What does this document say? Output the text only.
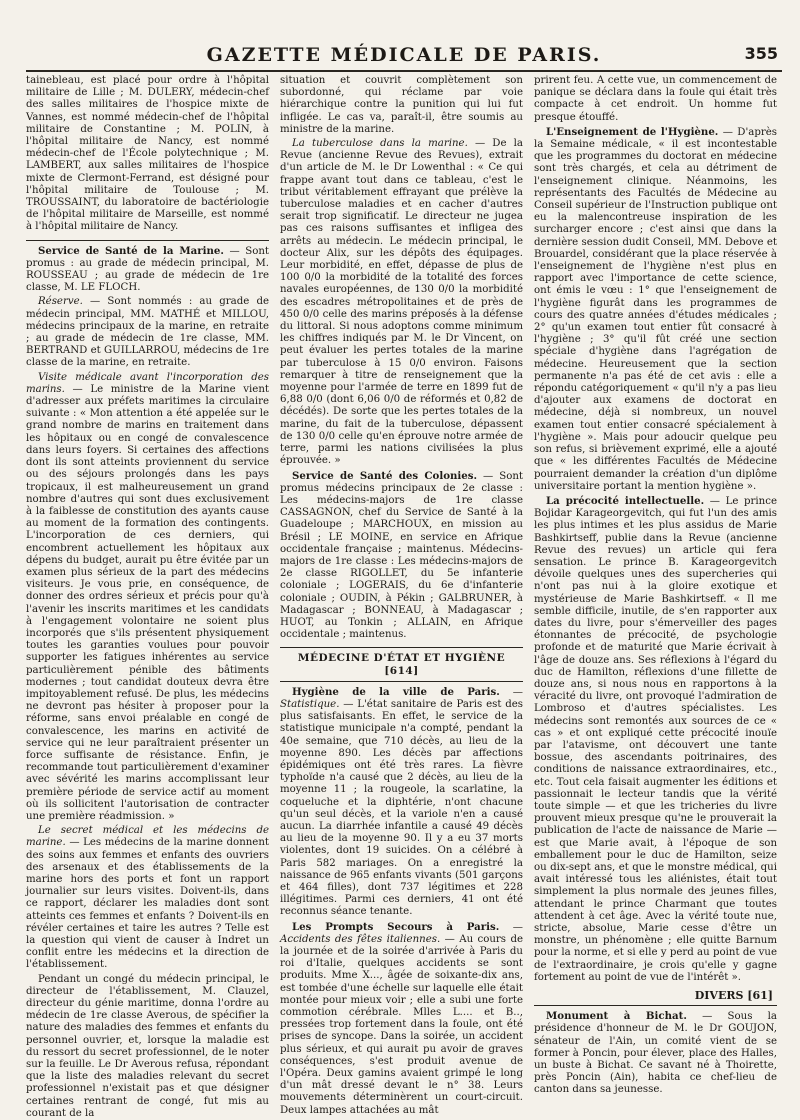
GAZETTE MÉDICALE DE PARIS.	355

tainebleau, est placé pour ordre à l'hôpital militaire de Lille ; M. DULERY, médecin-chef des salles militaires de l'hospice mixte de Vannes, est nommé médecin-chef de l'hôpital militaire de Constantine ; M. POLIN, à l'hôpital militaire de Nancy, est nommé médecin-chef de l'École polytechnique ; M. LAMBERT, aux salles militaires de l'hospice mixte de Clermont-Ferrand, est désigné pour l'hôpital militaire de Toulouse ; M. TROUSSAINT, du laboratoire de bactériologie de l'hôpital militaire de Marseille, est nommé à l'hôpital militaire de Nancy.

Service de Santé de la Marine. — Sont promus : au grade de médecin principal, M. ROUSSEAU ; au grade de médecin de 1re classe, M. LE FLOCH.

Réserve. — Sont nommés : au grade de médecin principal, MM. MATHÉ et MILLOU, médecins principaux de la marine, en retraite ; au grade de médecin de 1re classe, MM. BERTRAND et GUILLARROU, médecins de 1re classe de la marine, en retraite.

Visite médicale avant l'incorporation des marins. — Le ministre de la Marine vient d'adresser aux préfets maritimes la circulaire suivante : « Mon attention a été appelée sur le grand nombre de marins en traitement dans les hôpitaux ou en congé de convalescence dans leurs foyers. Si certaines des affections dont ils sont atteints proviennent du service ou des séjours prolongés dans les pays tropicaux, il est malheureusement un grand nombre d'autres qui sont dues exclusivement à la faiblesse de constitution des ayants cause au moment de la formation des contingents. L'incorporation de ces derniers, qui encombrent actuellement les hôpitaux aux dépens du budget, aurait pu être évitée par un examen plus sérieux de la part des médecins visiteurs. Je vous prie, en conséquence, de donner des ordres sérieux et précis pour qu'à l'avenir les inscrits maritimes et les candidats à l'engagement volontaire ne soient plus incorporés que s'ils présentent physiquement toutes les garanties voulues pour pouvoir supporter les fatigues inhérentes au service particulièrement pénible des bâtiments modernes ; tout candidat douteux devra être impitoyablement refusé. De plus, les médecins ne devront pas hésiter à proposer pour la réforme, sans envoi préalable en congé de convalescence, les marins en activité de service qui ne leur paraîtraient présenter un force suffisante de résistance. Enfin, je recommande tout particulièrement d'examiner avec sévérité les marins accomplissant leur première période de service actif au moment où ils sollicitent l'autorisation de contracter une première réadmission. »

Le secret médical et les médecins de marine. — Les médecins de la marine donnent des soins aux femmes et enfants des ouvriers des arsenaux et des établissements de la marine hors des ports et font un rapport journalier sur leurs visites. Doivent-ils, dans ce rapport, déclarer les maladies dont sont atteints ces femmes et enfants ? Doivent-ils en révéler certaines et taire les autres ? Telle est la question qui vient de causer à Indret un conflit entre les médecins et la direction de l'établissement.

Pendant un congé du médecin principal, le directeur de l'établissement, M. Clauzel, directeur du génie maritime, donna l'ordre au médecin de 1re classe Averous, de spécifier la nature des maladies des femmes et enfants du personnel ouvrier, et, lorsque la maladie est du ressort du secret professionnel, de le noter sur la feuille. Le Dr Averous refusa, répondant que la liste des maladies relevant du secret professionnel n'existait pas et que désigner certaines rentrant de congé, fut mis au courant de la

situation et couvrit complètement son subordonné, qui réclame par voie hiérarchique contre la punition qui lui fut infligée. Le cas va, paraît-il, être soumis au ministre de la marine.

La tuberculose dans la marine. — De la Revue (ancienne Revue des Revues), extrait d'un article de M. le Dr Lowenthal : « Ce qui frappe avant tout dans ce tableau, c'est le tribut véritablement effrayant que prélève la tuberculose maladies et en cacher d'autres serait trop significatif. Le directeur ne jugea pas ces raisons suffisantes et infligea des arrêts au médecin. Le médecin principal, le docteur Alix, sur les dépôts des équipages. Leur morbidité, en effet, dépasse de plus de 100 0/0 la morbidité de la totalité des forces navales européennes, de 130 0/0 la morbidité des escadres métropolitaines et de près de 450 0/0 celle des marins préposés à la défense du littoral. Si nous adoptons comme minimum les chiffres indiqués par M. le Dr Vincent, on peut évaluer les pertes totales de la marine par tuberculose à 15 0/0 environ. Faisons remarquer à titre de renseignement que la moyenne pour l'armée de terre en 1899 fut de 6,88 0/0 (dont 6,06 0/0 de réformés et 0,82 de décédés). De sorte que les pertes totales de la marine, du fait de la tuberculose, dépassent de 130 0/0 celle qu'en éprouve notre armée de terre, parmi les nations civilisées la plus éprouvée. »

Service de Santé des Colonies. — Sont promus médecins principaux de 2e classe : Les médecins-majors de 1re classe CASSAGNON, chef du Service de Santé à la Guadeloupe ; MARCHOUX, en mission au Brésil ; LE MOINE, en service en Afrique occidentale française ; maintenus. Médecins-majors de 1re classe : Les médecins-majors de 2e classe RIGOLLET, du 5e infanterie coloniale ; LOGERAIS, du 6e d'infanterie coloniale ; OUDIN, à Pékin ; GALBRUNER, à Madagascar ; BONNEAU, à Madagascar ; HUOT, au Tonkin ; ALLAIN, en Afrique occidentale ; maintenus.

MÉDECINE D'ÉTAT ET HYGIÈNE [614]

Hygiène de la ville de Paris. — Statistique. — L'état sanitaire de Paris est des plus satisfaisants. En effet, le service de la statistique municipale n'a compté, pendant la 40e semaine, que 710 décès, au lieu de la moyenne 890. Les décès par affections épidémiques ont été très rares. La fièvre typhoïde n'a causé que 2 décès, au lieu de la moyenne 11 ; la rougeole, la scarlatine, la coqueluche et la diphtérie, n'ont chacune qu'un seul décès, et la variole n'en a causé aucun. La diarrhée infantile a causé 49 décès au lieu de la moyenne 90. Il y a eu 37 morts violentes, dont 19 suicides. On a célébré à Paris 582 mariages. On a enregistré la naissance de 965 enfants vivants (501 garçons et 464 filles), dont 737 légitimes et 228 illégitimes. Parmi ces derniers, 41 ont été reconnus séance tenante.

Les Prompts Secours à Paris. — Accidents des fêtes italiennes. — Au cours de la journée et de la soirée d'arrivée à Paris du roi d'Italie, quelques accidents se sont produits. Mme X..., âgée de soixante-dix ans, est tombée d'une échelle sur laquelle elle était montée pour mieux voir ; elle a subi une forte commotion cérébrale. Mlles L.... et B.., pressées trop fortement dans la foule, ont été prises de syncope. Dans la soirée, un accident plus sérieux, et qui aurait pu avoir de graves conséquences, s'est produit avenue de l'Opéra. Deux gamins avaient grimpé le long d'un mât dressé devant le n° 38. Leurs mouvements déterminèrent un court-circuit. Deux lampes attachées au mât

prirent feu. A cette vue, un commencement de panique se déclara dans la foule qui était très compacte à cet endroit. Un homme fut presque étouffé.

L'Enseignement de l'Hygiène. — D'après la Semaine médicale, « il est incontestable que les programmes du doctorat en médecine sont très chargés, et cela au détriment de l'enseignement clinique. Néanmoins, les représentants des Facultés de Médecine au Conseil supérieur de l'Instruction publique ont eu la malencontreuse inspiration de les surcharger encore ; c'est ainsi que dans la dernière session dudit Conseil, MM. Debove et Brouardel, considérant que la place réservée à l'enseignement de l'hygiène n'est plus en rapport avec l'importance de cette science, ont émis le vœu : 1° que l'enseignement de l'hygiène figurât dans les programmes de cours des quatre années d'études médicales ; 2° qu'un examen tout entier fût consacré à l'hygiène ; 3° qu'il fût créé une section spéciale d'hygiène dans l'agrégation de médecine. Heureusement que la section permanente n'a pas été de cet avis : elle a répondu catégoriquement « qu'il n'y a pas lieu d'ajouter aux examens de doctorat en médecine, déjà si nombreux, un nouvel examen tout entier consacré spécialement à l'hygiène ». Mais pour adoucir quelque peu son refus, si brièvement exprimé, elle a ajouté que « les différentes Facultés de Médecine pourraient demander la création d'un diplôme universitaire portant la mention hygiène ».

La précocité intellectuelle. — Le prince Bojidar Karageorgevitch, qui fut l'un des amis les plus intimes et les plus assidus de Marie Bashkirtseff, publie dans la Revue (ancienne Revue des revues) un article qui fera sensation. Le prince B. Karageorgevitch dévoile quelques unes des supercheries qui n'ont pas nui à la gloire exotique et mystérieuse de Marie Bashkirtseff. « Il me semble difficile, inutile, de s'en rapporter aux dates du livre, pour s'émerveiller des pages étonnantes de précocité, de psychologie profonde et de maturité que Marie écrivait à l'âge de douze ans. Ses réflexions à l'égard du duc de Hamilton, réflexions d'une fillette de douze ans, si nous nous en rapportons à la véracité du livre, ont provoqué l'admiration de Lombroso et d'autres spécialistes. Les médecins sont remontés aux sources de ce « cas » et ont expliqué cette précocité inouïe par l'atavisme, ont découvert une tante bossue, des ascendants poitrinaires, des conditions de naissance extraordinaires, etc., etc. Tout cela faisait augmenter les éditions et passionnait le lecteur tandis que la vérité toute simple — et que les tricheries du livre prouvent mieux presque qu'ne le prouverait la publication de l'acte de naissance de Marie — est que Marie avait, à l'époque de son emballement pour le duc de Hamilton, seize ou dix-sept ans, et que le monstre médical, qui avait intéressé tous les aliénistes, était tout simplement la plus normale des jeunes filles, attendant le prince Charmant que toutes attendent à cet âge. Avec la vérité toute nue, stricte, absolue, Marie cesse d'être un monstre, un phénomène ; elle quitte Barnum pour la norme, et si elle y perd au point de vue de l'extraordinaire, je crois qu'elle y gagne fortement au point de vue de l'intérêt ».

DIVERS [61]

Monument à Bichat. — Sous la présidence d'honneur de M. le Dr GOUJON, sénateur de l'Ain, un comité vient de se former à Poncin, pour élever, place des Halles, un buste à Bichat. Ce savant né à Thoirette, près Poncin (Ain), habita ce chef-lieu de canton dans sa jeunesse.
